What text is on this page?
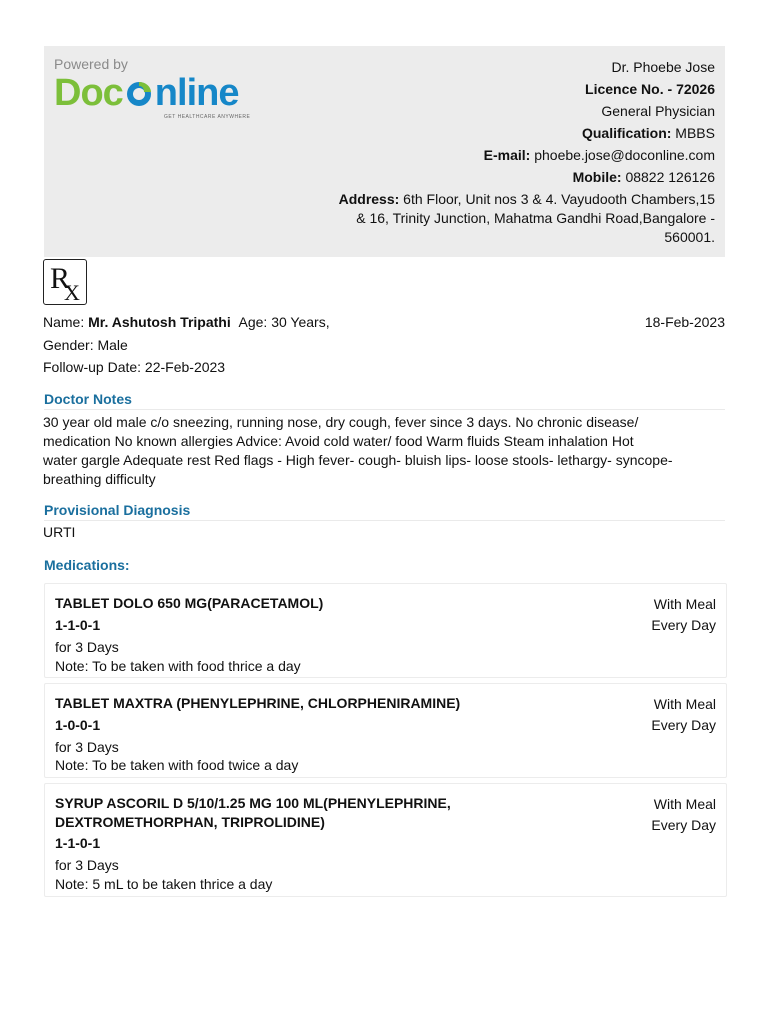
Powered by
Doc nline
GET HEALTHCARE ANYWHERE
Dr. Phoebe Jose
Licence No. - 72026
General Physician
Qualification: MBBS
E-mail: phoebe.jose@doconline.com
Mobile: 08822 126126
Address: 6th Floor, Unit nos 3 & 4. Vayudooth Chambers,15
& 16, Trinity Junction, Mahatma Gandhi Road,Bangalore -
560001.
R
X
Name: Mr. Ashutosh Tripathi Age: 30 Years,	18-Feb-2023
Gender: Male
Follow-up Date: 22-Feb-2023
Doctor Notes
30 year old male c/o sneezing, running nose, dry cough, fever since 3 days. No chronic disease/
medication No known allergies Advice: Avoid cold water/ food Warm fluids Steam inhalation Hot
water gargle Adequate rest Red flags - High fever- cough- bluish lips- loose stools- lethargy- syncope-
breathing difficulty
Provisional Diagnosis
URTI
Medications:
TABLET DOLO 650 MG(PARACETAMOL)
1-1-0-1
for 3 Days
Note: To be taken with food thrice a day
With Meal
Every Day
TABLET MAXTRA (PHENYLEPHRINE, CHLORPHENIRAMINE)
1-0-0-1
for 3 Days
Note: To be taken with food twice a day
With Meal
Every Day
SYRUP ASCORIL D 5/10/1.25 MG 100 ML(PHENYLEPHRINE,
DEXTROMETHORPHAN, TRIPROLIDINE)
1-1-0-1
for 3 Days
Note: 5 mL to be taken thrice a day
With Meal
Every Day
